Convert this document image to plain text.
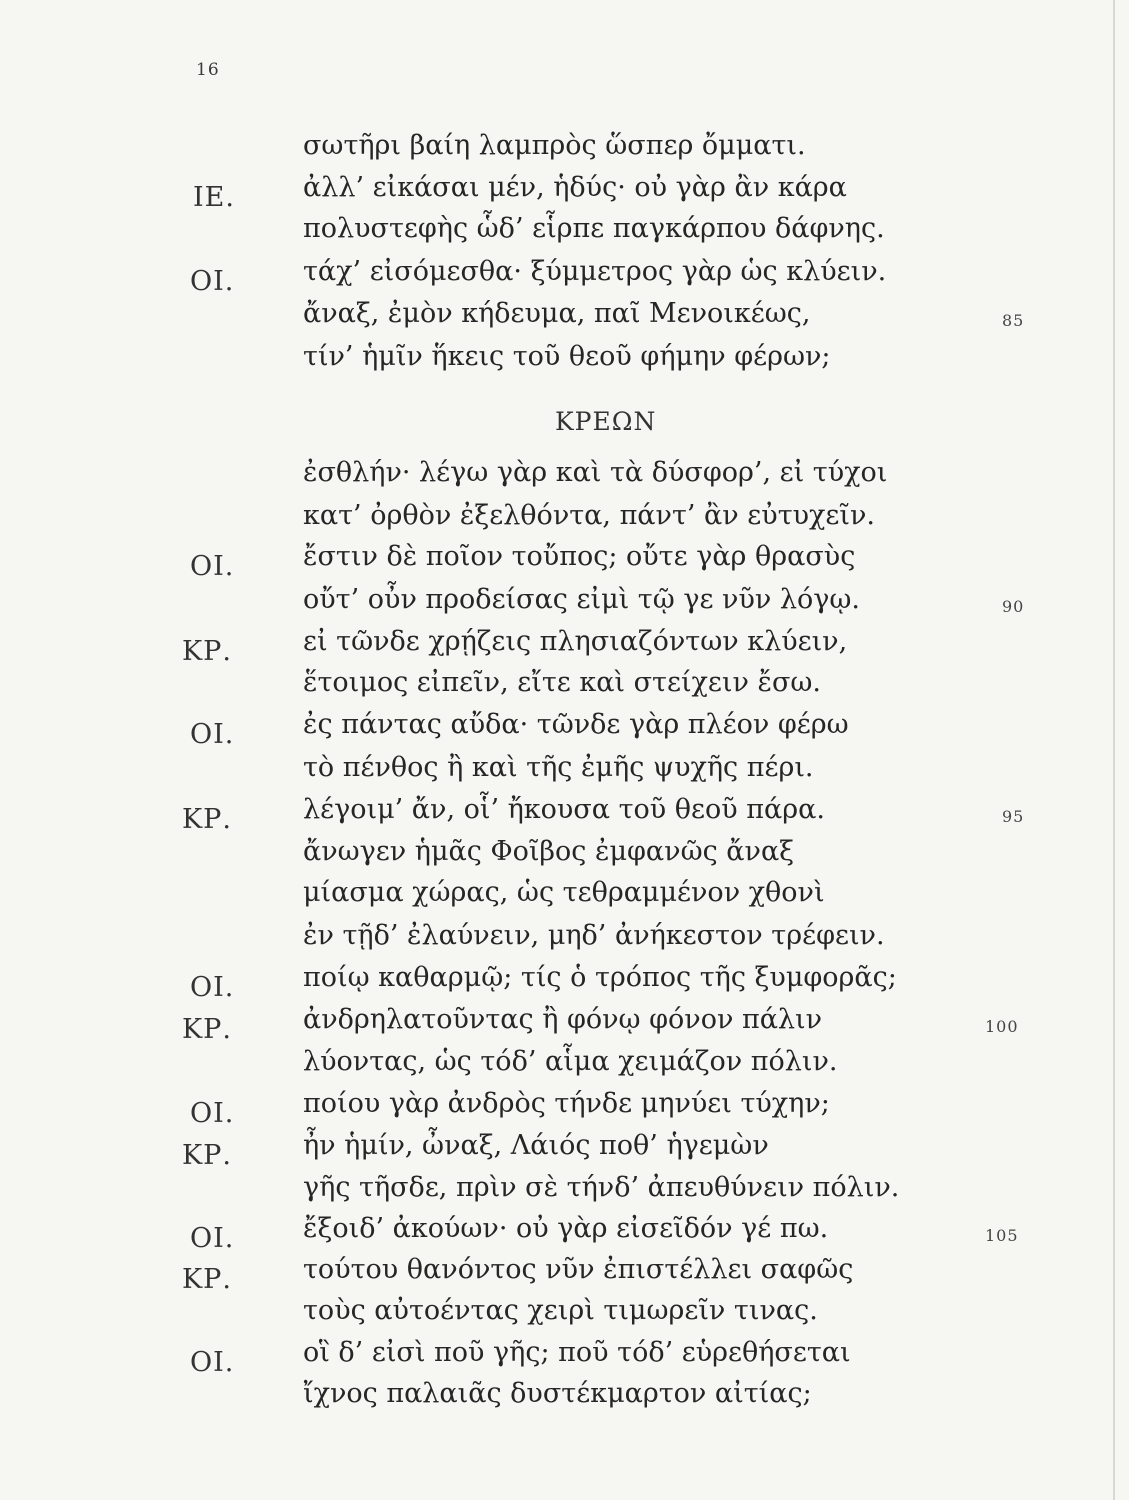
16
ΚΡΕΩΝ
σωτῆρι βαίη λαμπρὸς ὥσπερ ὄμματι.
ΙΕ.	ἀλλ’ εἰκάσαι μέν, ἡδύς· οὐ γὰρ ἂν κάρα
πολυστεφὴς ὧδ’ εἷρπε παγκάρπου δάφνης.
ΟΙ.	τάχ’ εἰσόμεσθα· ξύμμετρος γὰρ ὡς κλύειν.
ἄναξ, ἐμὸν κήδευμα, παῖ Μενοικέως,	85
τίν’ ἡμῖν ἥκεις τοῦ θεοῦ φήμην φέρων;
ἐσθλήν· λέγω γὰρ καὶ τὰ δύσφορ’, εἰ τύχοι
κατ’ ὀρθὸν ἐξελθόντα, πάντ’ ἂν εὐτυχεῖν.
ΟΙ.	ἔστιν δὲ ποῖον τοὔπος; οὔτε γὰρ θρασὺς
οὔτ’ οὖν προδείσας εἰμὶ τῷ γε νῦν λόγῳ.	90
ΚΡ.	εἰ τῶνδε χρῄζεις πλησιαζόντων κλύειν,
ἕτοιμος εἰπεῖν, εἴτε καὶ στείχειν ἔσω.
ΟΙ.	ἐς πάντας αὔδα· τῶνδε γὰρ πλέον φέρω
τὸ πένθος ἢ καὶ τῆς ἐμῆς ψυχῆς πέρι.
ΚΡ.	λέγοιμ’ ἄν, οἷ’ ἤκουσα τοῦ θεοῦ πάρα.	95
ἄνωγεν ἡμᾶς Φοῖβος ἐμφανῶς ἄναξ
μίασμα χώρας, ὡς τεθραμμένον χθονὶ
ἐν τῇδ’ ἐλαύνειν, μηδ’ ἀνήκεστον τρέφειν.
ΟΙ.	ποίῳ καθαρμῷ; τίς ὁ τρόπος τῆς ξυμφορᾶς;
ΚΡ.	ἀνδρηλατοῦντας ἢ φόνῳ φόνον πάλιν	100
λύοντας, ὡς τόδ’ αἷμα χειμάζον πόλιν.
ΟΙ.	ποίου γὰρ ἀνδρὸς τήνδε μηνύει τύχην;
ΚΡ.	ἦν ἡμίν, ὦναξ, Λάιός ποθ’ ἡγεμὼν
γῆς τῆσδε, πρὶν σὲ τήνδ’ ἀπευθύνειν πόλιν.
ΟΙ.	ἔξοιδ’ ἀκούων· οὐ γὰρ εἰσεῖδόν γέ πω.	105
ΚΡ.	τούτου θανόντος νῦν ἐπιστέλλει σαφῶς
τοὺς αὐτοέντας χειρὶ τιμωρεῖν τινας.
ΟΙ.	οἳ δ’ εἰσὶ ποῦ γῆς; ποῦ τόδ’ εὑρεθήσεται
ἴχνος παλαιᾶς δυστέκμαρτον αἰτίας;
